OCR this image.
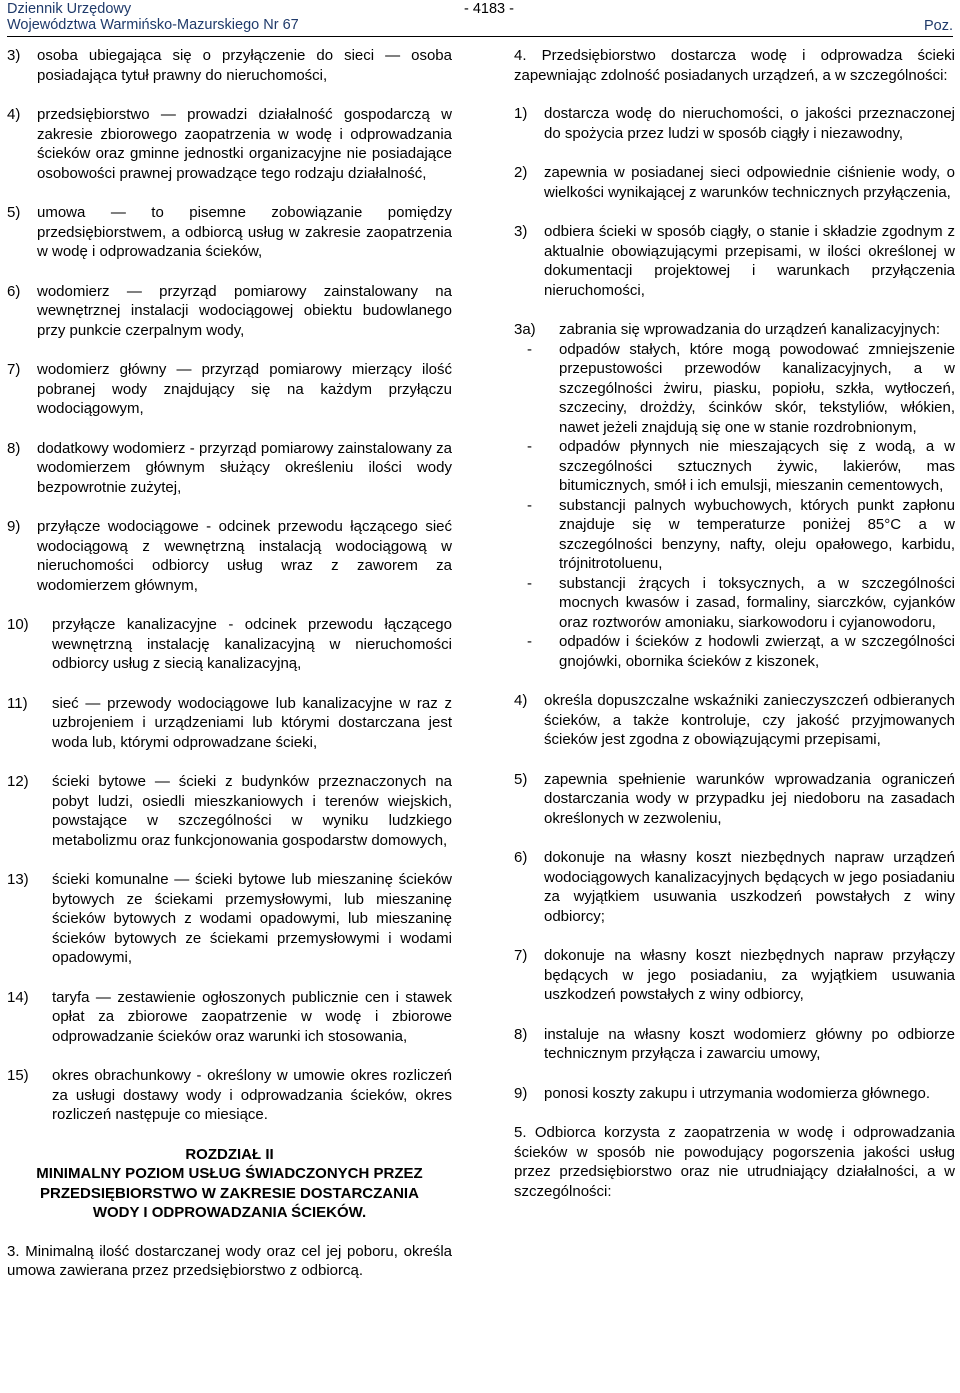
Dziennik Urzędowy
Województwa Warmińsko-Mazurskiego Nr 67
- 4183 -
Poz.
3)	osoba ubiegająca się o przyłączenie do sieci — osoba posiadająca tytuł prawny do nieruchomości,
4)	przedsiębiorstwo — prowadzi działalność gospodarczą w zakresie zbiorowego zaopatrzenia w wodę i odprowadzania ścieków oraz gminne jednostki organizacyjne nie posiadające osobowości prawnej prowadzące tego rodzaju działalność,
5)	umowa — to pisemne zobowiązanie pomiędzy przedsiębiorstwem, a odbiorcą usług w zakresie zaopatrzenia w wodę i odprowadzania ścieków,
6)	wodomierz — przyrząd pomiarowy zainstalowany na wewnętrznej instalacji wodociągowej obiektu budowlanego przy punkcie czerpalnym wody,
7)	wodomierz główny — przyrząd pomiarowy mierzący ilość pobranej wody znajdujący się na każdym przyłączu wodociągowym,
8)	dodatkowy wodomierz - przyrząd pomiarowy zainstalowany za wodomierzem głównym służący określeniu ilości wody bezpowrotnie zużytej,
9)	przyłącze wodociągowe - odcinek przewodu łączącego sieć wodociągową z wewnętrzną instalacją wodociągową w nieruchomości odbiorcy usług wraz z zaworem za wodomierzem głównym,
10)	przyłącze kanalizacyjne - odcinek przewodu łączącego wewnętrzną instalację kanalizacyjną w nieruchomości odbiorcy usług z siecią kanalizacyjną,
11)	sieć — przewody wodociągowe lub kanalizacyjne w raz z uzbrojeniem i urządzeniami lub którymi dostarczana jest woda lub, którymi odprowadzane ścieki,
12)	ścieki bytowe — ścieki z budynków przeznaczonych na pobyt ludzi, osiedli mieszkaniowych i terenów wiejskich, powstające w szczególności w wyniku ludzkiego metabolizmu oraz funkcjonowania gospodarstw domowych,
13)	ścieki komunalne — ścieki bytowe lub mieszaninę ścieków bytowych ze ściekami przemysłowymi, lub mieszaninę ścieków bytowych z wodami opadowymi, lub mieszaninę ścieków bytowych ze ściekami przemysłowymi i wodami opadowymi,
14)	taryfa — zestawienie ogłoszonych publicznie cen i stawek opłat za zbiorowe zaopatrzenie w wodę i zbiorowe odprowadzanie ścieków oraz warunki ich stosowania,
15)	okres obrachunkowy - określony w umowie okres rozliczeń za usługi dostawy wody i odprowadzania ścieków, okres rozliczeń następuje co miesiące.
ROZDZIAŁ II
MINIMALNY POZIOM USŁUG ŚWIADCZONYCH PRZEZ
PRZEDSIĘBIORSTWO W ZAKRESIE DOSTARCZANIA
WODY I ODPROWADZANIA ŚCIEKÓW.
3. Minimalną ilość dostarczanej wody oraz cel jej poboru, określa umowa zawierana przez przedsiębiorstwo z odbiorcą.
4. Przedsiębiorstwo dostarcza wodę i odprowadza ścieki zapewniając zdolność posiadanych urządzeń, a w szczególności:
1)	dostarcza wodę do nieruchomości, o jakości przeznaczonej do spożycia przez ludzi w sposób ciągły i niezawodny,
2)	zapewnia w posiadanej sieci odpowiednie ciśnienie wody, o wielkości wynikającej z warunków technicznych przyłączenia,
3)	odbiera ścieki w sposób ciągły, o stanie i składzie zgodnym z aktualnie obowiązującymi przepisami, w ilości określonej w dokumentacji projektowej i warunkach przyłączenia nieruchomości,
3a)	zabrania się wprowadzania do urządzeń kanalizacyjnych:
-	odpadów stałych, które mogą powodować zmniejszenie przepustowości przewodów kanalizacyjnych, a w szczególności żwiru, piasku, popiołu, szkła, wytłoczeń, szczeciny, drożdży, ścinków skór, tekstyliów, włókien, nawet jeżeli znajdują się one w stanie rozdrobnionym,
-	odpadów płynnych nie mieszających się z wodą, a w szczególności sztucznych żywic, lakierów, mas bitumicznych, smół i ich emulsji, mieszanin cementowych,
-	substancji palnych wybuchowych, których punkt zapłonu znajduje się w temperaturze poniżej 85°C a w szczególności benzyny, nafty, oleju opałowego, karbidu, trójnitrotoluenu,
-	substancji żrących i toksycznych, a w szczególności mocnych kwasów i zasad, formaliny, siarczków, cyjanków oraz roztworów amoniaku, siarkowodoru i cyjanowodoru,
-	odpadów i ścieków z hodowli zwierząt, a w szczególności gnojówki, obornika ścieków z kiszonek,
4)	określa dopuszczalne wskaźniki zanieczyszczeń odbieranych ścieków, a także kontroluje, czy jakość przyjmowanych ścieków jest zgodna z obowiązującymi przepisami,
5)	zapewnia spełnienie warunków wprowadzania ograniczeń dostarczania wody w przypadku jej niedoboru na zasadach określonych w zezwoleniu,
6)	dokonuje na własny koszt niezbędnych napraw urządzeń wodociągowych kanalizacyjnych będących w jego posiadaniu za wyjątkiem usuwania uszkodzeń powstałych z winy odbiorcy;
7)	dokonuje na własny koszt niezbędnych napraw przyłączy będących w jego posiadaniu, za wyjątkiem usuwania uszkodzeń powstałych z winy odbiorcy,
8)	instaluje na własny koszt wodomierz główny po odbiorze technicznym przyłącza i zawarciu umowy,
9)	ponosi koszty zakupu i utrzymania wodomierza głównego.
5. Odbiorca korzysta z zaopatrzenia w wodę i odprowadzania ścieków w sposób nie powodujący pogorszenia jakości usług przez przedsiębiorstwo oraz nie utrudniający działalności, a w szczególności:
